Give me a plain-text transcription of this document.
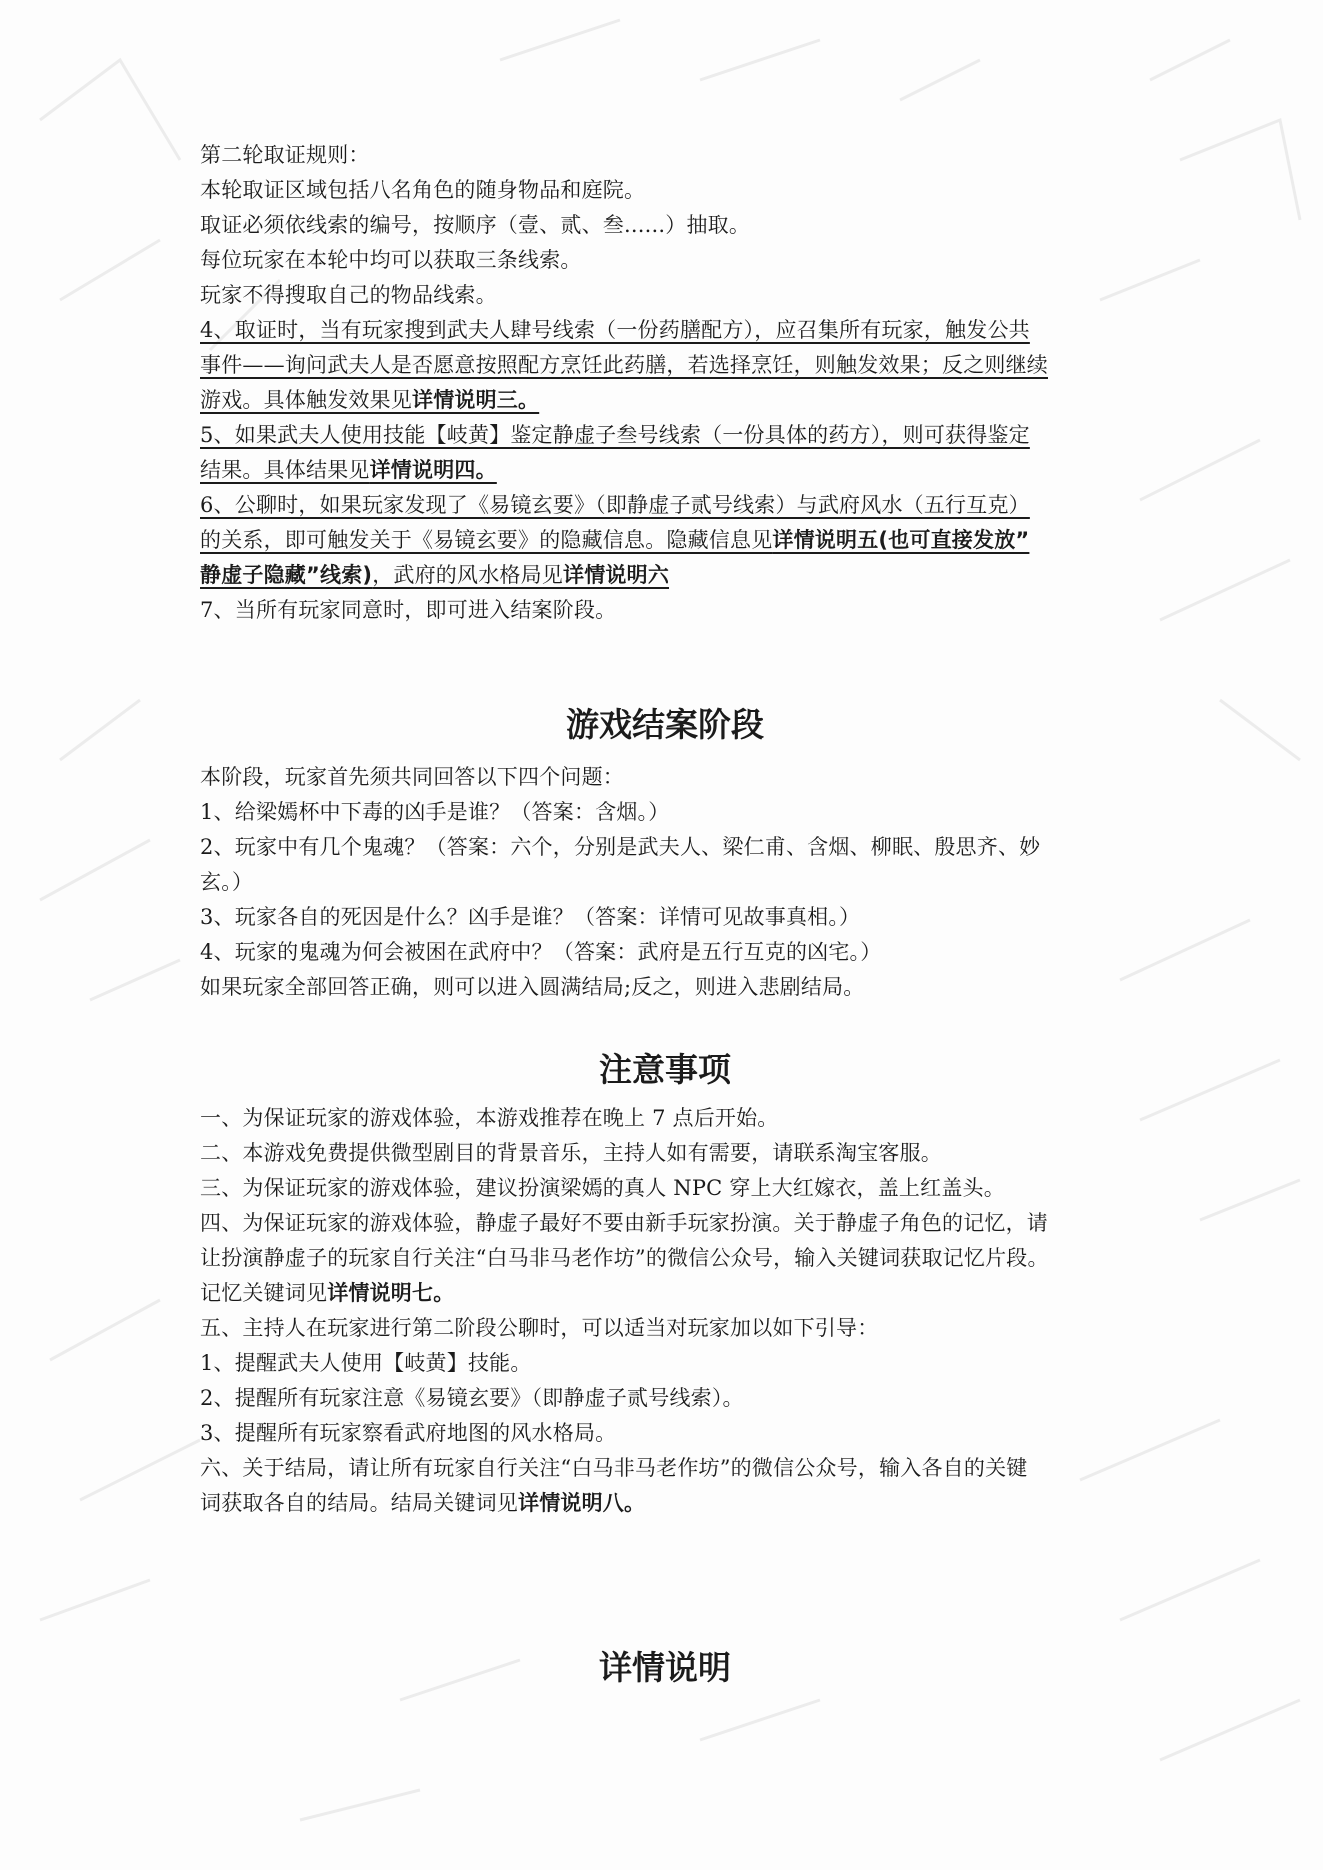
第二轮取证规则：
本轮取证区域包括八名角色的随身物品和庭院。
取证必须依线索的编号，按顺序（壹、贰、叁......）抽取。
每位玩家在本轮中均可以获取三条线索。
玩家不得搜取自己的物品线索。
4、取证时，当有玩家搜到武夫人肆号线索（一份药膳配方），应召集所有玩家，触发公共
事件——询问武夫人是否愿意按照配方烹饪此药膳，若选择烹饪，则触发效果；反之则继续
游戏。具体触发效果见详情说明三。
5、如果武夫人使用技能【岐黄】鉴定静虚子叁号线索（一份具体的药方），则可获得鉴定
结果。具体结果见详情说明四。
6、公聊时，如果玩家发现了《易镜玄要》（即静虚子贰号线索）与武府风水（五行互克）
的关系，即可触发关于《易镜玄要》的隐藏信息。隐藏信息见详情说明五(也可直接发放”
静虚子隐藏”线索)，武府的风水格局见详情说明六
7、当所有玩家同意时，即可进入结案阶段。
游戏结案阶段
本阶段，玩家首先须共同回答以下四个问题：
1、给梁嫣杯中下毒的凶手是谁？（答案：含烟。）
2、玩家中有几个鬼魂？（答案：六个，分别是武夫人、梁仁甫、含烟、柳眠、殷思齐、妙
玄。）
3、玩家各自的死因是什么？凶手是谁？（答案：详情可见故事真相。）
4、玩家的鬼魂为何会被困在武府中？（答案：武府是五行互克的凶宅。）
如果玩家全部回答正确，则可以进入圆满结局;反之，则进入悲剧结局。
注意事项
一、为保证玩家的游戏体验，本游戏推荐在晚上 7 点后开始。
二、本游戏免费提供微型剧目的背景音乐，主持人如有需要，请联系淘宝客服。
三、为保证玩家的游戏体验，建议扮演梁嫣的真人 NPC 穿上大红嫁衣，盖上红盖头。
四、为保证玩家的游戏体验，静虚子最好不要由新手玩家扮演。关于静虚子角色的记忆，请
让扮演静虚子的玩家自行关注“白马非马老作坊”的微信公众号，输入关键词获取记忆片段。
记忆关键词见详情说明七。
五、主持人在玩家进行第二阶段公聊时，可以适当对玩家加以如下引导：
1、提醒武夫人使用【岐黄】技能。
2、提醒所有玩家注意《易镜玄要》（即静虚子贰号线索）。
3、提醒所有玩家察看武府地图的风水格局。
六、关于结局，请让所有玩家自行关注“白马非马老作坊”的微信公众号，输入各自的关键
词获取各自的结局。结局关键词见详情说明八。
详情说明
